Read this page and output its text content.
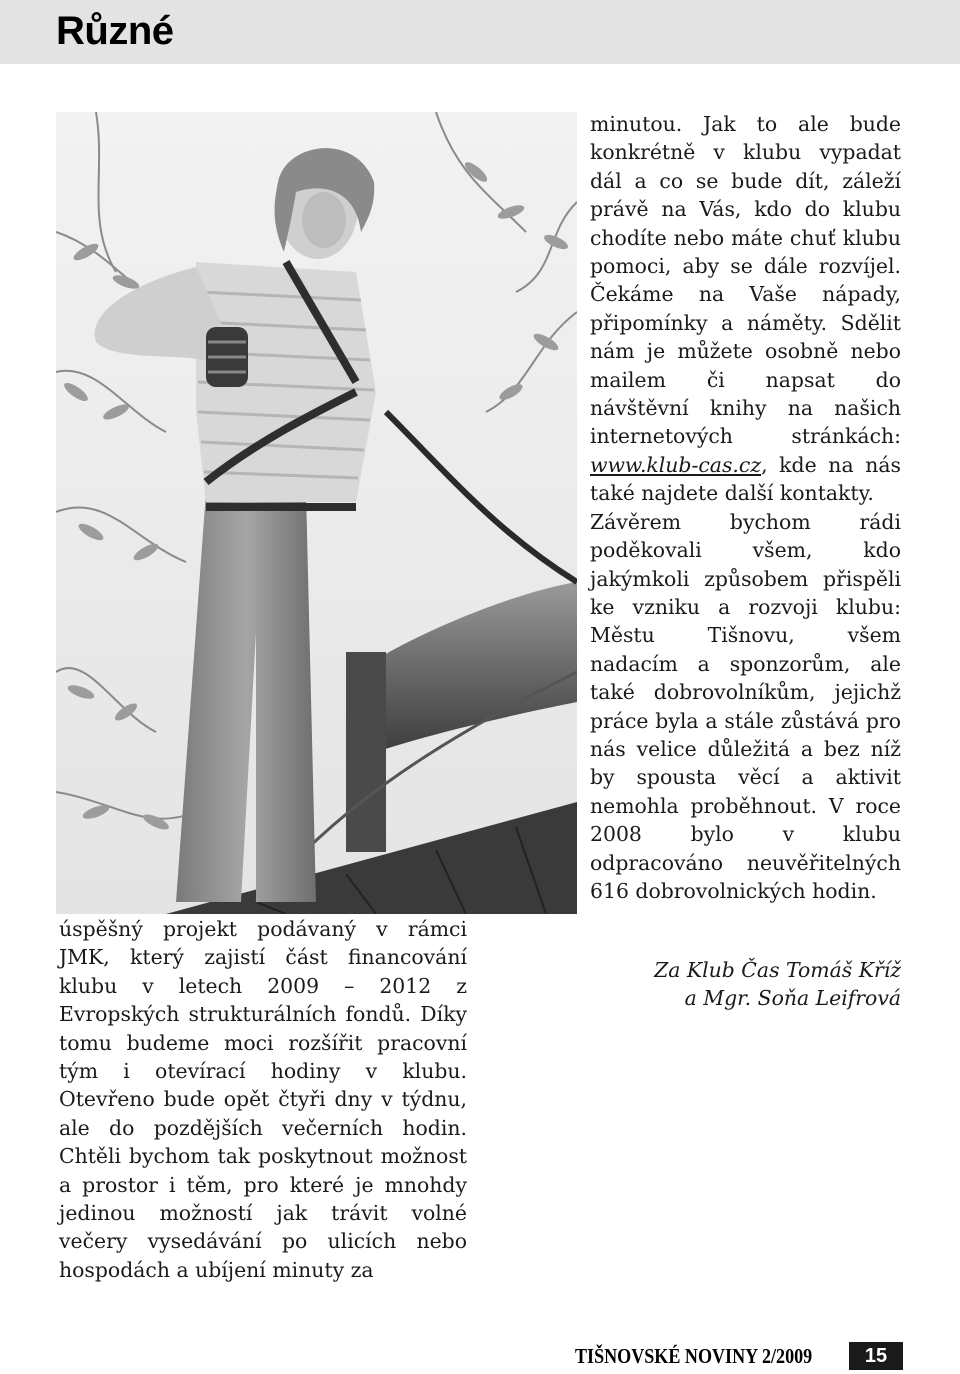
Různé

úspěšný projekt podávaný v rámci JMK, který zajistí část financování klubu v letech 2009 – 2012 z Evropských strukturálních fondů. Díky tomu budeme moci rozšířit pracovní tým i otevírací hodiny v klubu. Otevřeno bude opět čtyři dny v týdnu, ale do pozdějších večerních hodin. Chtěli bychom tak poskytnout možnost a prostor i těm, pro které je mnohdy jedinou možností jak trávit volné večery vysedávání po ulicích nebo hospodách a ubíjení minuty za

minutou. Jak to ale bude konkrétně v klubu vypadat dál a co se bude dít, záleží právě na Vás, kdo do klubu chodíte nebo máte chuť klubu pomoci, aby se dále rozvíjel. Čekáme na Vaše nápady, připomínky a náměty. Sdělit nám je můžete osobně nebo mailem či napsat do návštěvní knihy na našich internetových stránkách: www.klub-cas.cz, kde na nás také najdete další kontakty.

Závěrem bychom rádi poděkovali všem, kdo jakýmkoli způsobem přispěli ke vzniku a rozvoji klubu: Městu Tišnovu, všem nadacím a sponzorům, ale také dobrovolníkům, jejichž práce byla a stále zůstává pro nás velice důležitá a bez níž by spousta věcí a aktivit nemohla proběhnout. V roce 2008 bylo v klubu odpracováno neuvěřitelných 616 dobrovolnických hodin.

Za Klub Čas Tomáš Kříž
a Mgr. Soňa Leifrová
TIŠNOVSKÉ NOVINY 2/2009	15
